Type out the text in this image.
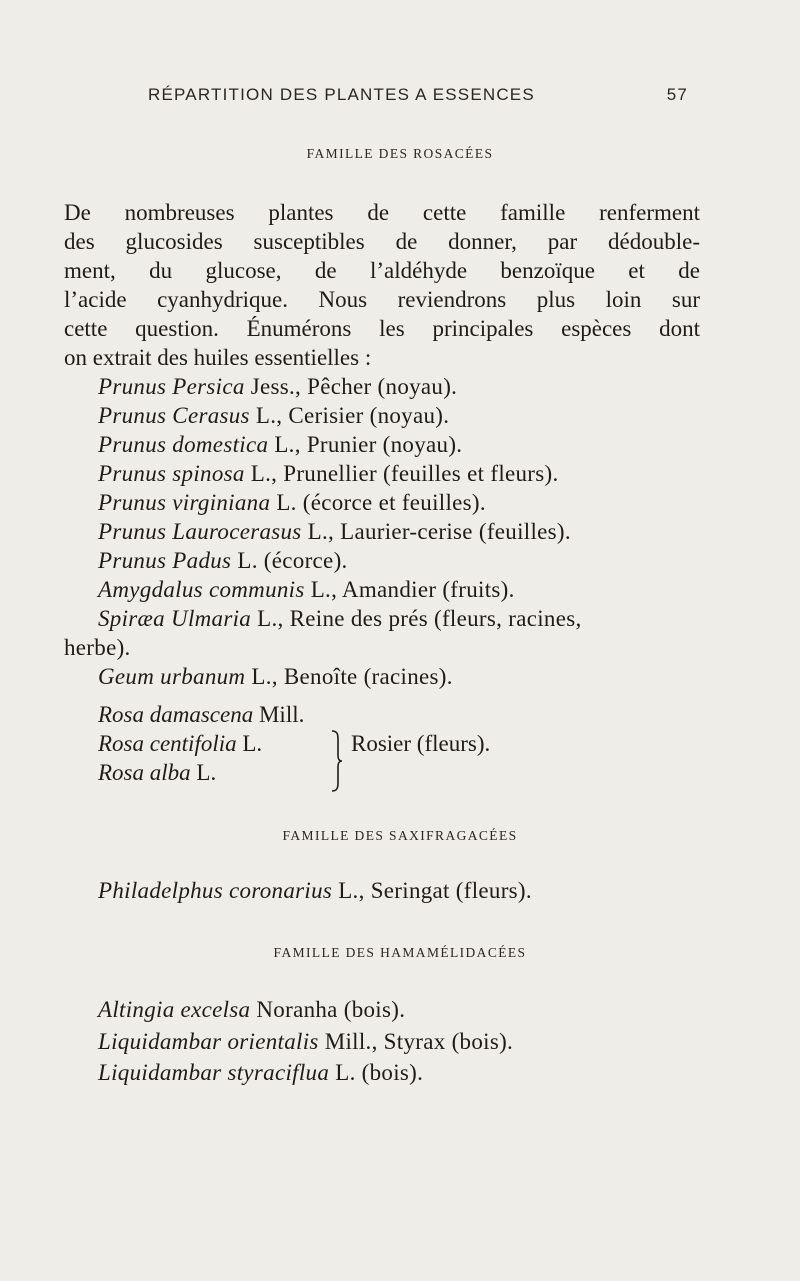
RÉPARTITION DES PLANTES A ESSENCES	57
FAMILLE DES ROSACÉES
De nombreuses plantes de cette famille renferment
des glucosides susceptibles de donner, par dédouble-
ment, du glucose, de l’aldéhyde benzoïque et de
l’acide cyanhydrique. Nous reviendrons plus loin sur
cette question. Énumérons les principales espèces dont
on extrait des huiles essentielles :
Prunus Persica Jess., Pêcher (noyau).
Prunus Cerasus L., Cerisier (noyau).
Prunus domestica L., Prunier (noyau).
Prunus spinosa L., Prunellier (feuilles et fleurs).
Prunus virginiana L. (écorce et feuilles).
Prunus Laurocerasus L., Laurier-cerise (feuilles).
Prunus Padus L. (écorce).
Amygdalus communis L., Amandier (fruits).
Spiræa Ulmaria L., Reine des prés (fleurs, racines,
herbe).
Geum urbanum L., Benoîte (racines).
Rosa damascena Mill.
Rosa centifolia L.
Rosa alba L.
Rosier (fleurs).
FAMILLE DES SAXIFRAGACÉES
Philadelphus coronarius L., Seringat (fleurs).
FAMILLE DES HAMAMÉLIDACÉES
Altingia excelsa Noranha (bois).
Liquidambar orientalis Mill., Styrax (bois).
Liquidambar styraciflua L. (bois).
